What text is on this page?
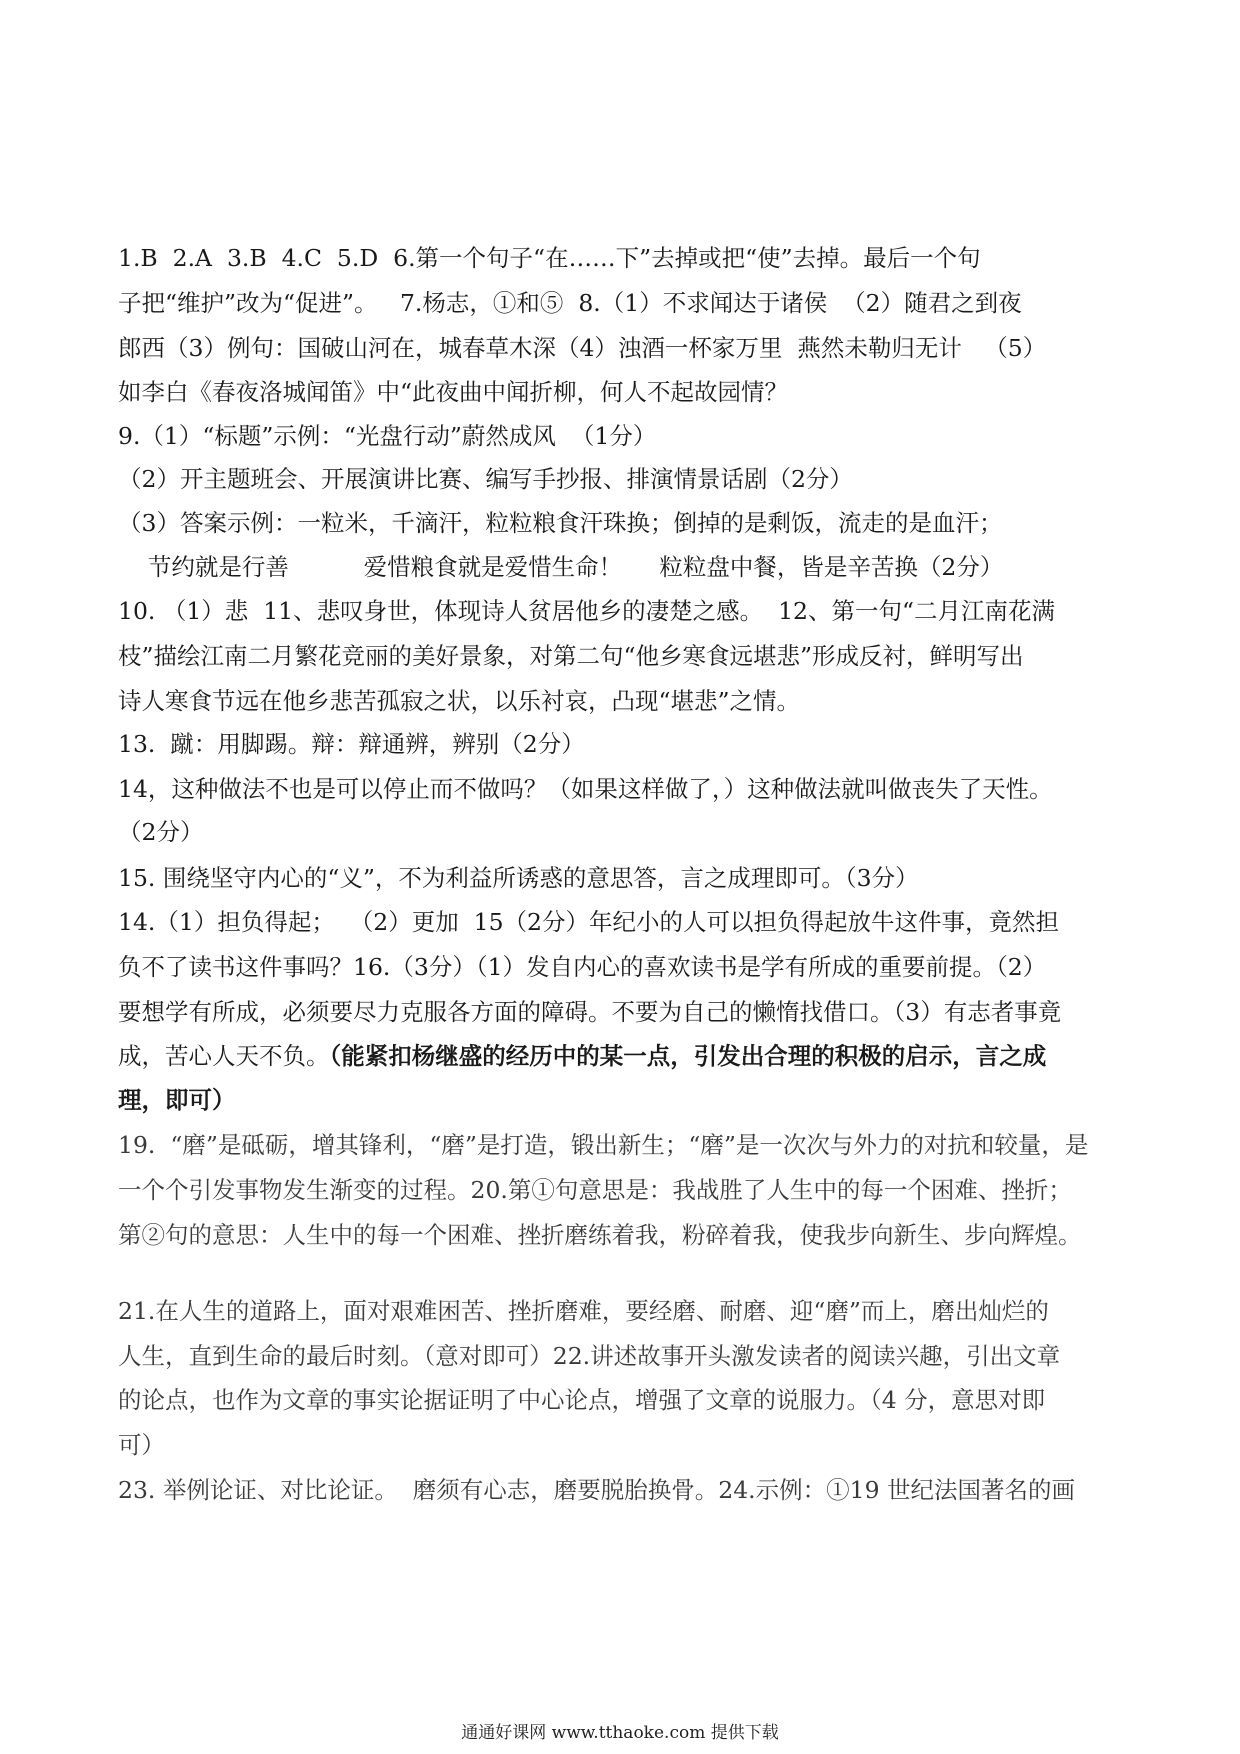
1.B  2.A  3.B  4.C  5.D  6.第一个句子“在……下”去掉或把“使”去掉。最后一个句
子把“维护”改为“促进”。   7.杨志，①和⑤  8.（1）不求闻达于诸侯  （2）随君之到夜
郎西（3）例句：国破山河在，城春草木深（4）浊酒一杯家万里  燕然未勒归无计   （5）
如李白《春夜洛城闻笛》中“此夜曲中闻折柳，何人不起故园情？
9.（1）“标题”示例：“光盘行动”蔚然成风  （1分）
（2）开主题班会、开展演讲比赛、编写手抄报、排演情景话剧（2分）
（3）答案示例：一粒米，千滴汗，粒粒粮食汗珠换；倒掉的是剩饭，流走的是血汗；
节约就是行善          爱惜粮食就是爱惜生命！     粒粒盘中餐，皆是辛苦换（2分）
10. （1）悲  11、悲叹身世，体现诗人贫居他乡的凄楚之感。  12、第一句“二月江南花满
枝”描绘江南二月繁花竞丽的美好景象，对第二句“他乡寒食远堪悲”形成反衬，鲜明写出
诗人寒食节远在他乡悲苦孤寂之状，以乐衬哀，凸现“堪悲”之情。
13.  蹴：用脚踢。辩：辩通辨，辨别（2分）
14，这种做法不也是可以停止而不做吗？（如果这样做了，）这种做法就叫做丧失了天性。
（2分）
15. 围绕坚守内心的“义”，不为利益所诱惑的意思答，言之成理即可。（3分）
14.（1）担负得起；  （2）更加  15（2分）年纪小的人可以担负得起放牛这件事，竟然担
负不了读书这件事吗？16.（3分）（1）发自内心的喜欢读书是学有所成的重要前提。（2）
要想学有所成，必须要尽力克服各方面的障碍。不要为自己的懒惰找借口。（3）有志者事竟
成，苦心人天不负。（能紧扣杨继盛的经历中的某一点，引发出合理的积极的启示，言之成
理，即可）
19.  “磨”是砥砺，增其锋利，“磨”是打造，锻出新生；“磨”是一次次与外力的对抗和较量，是
一个个引发事物发生渐变的过程。20.第①句意思是：我战胜了人生中的每一个困难、挫折；
第②句的意思：人生中的每一个困难、挫折磨练着我，粉碎着我，使我步向新生、步向辉煌。
21.在人生的道路上，面对艰难困苦、挫折磨难，要经磨、耐磨、迎“磨”而上，磨出灿烂的
人生，直到生命的最后时刻。（意对即可）22.讲述故事开头激发读者的阅读兴趣，引出文章
的论点，也作为文章的事实论据证明了中心论点，增强了文章的说服力。（4 分，意思对即
可）
23. 举例论证、对比论证。  磨须有心志，磨要脱胎换骨。24.示例：①19 世纪法国著名的画
通通好课网 www.tthaoke.com 提供下载
